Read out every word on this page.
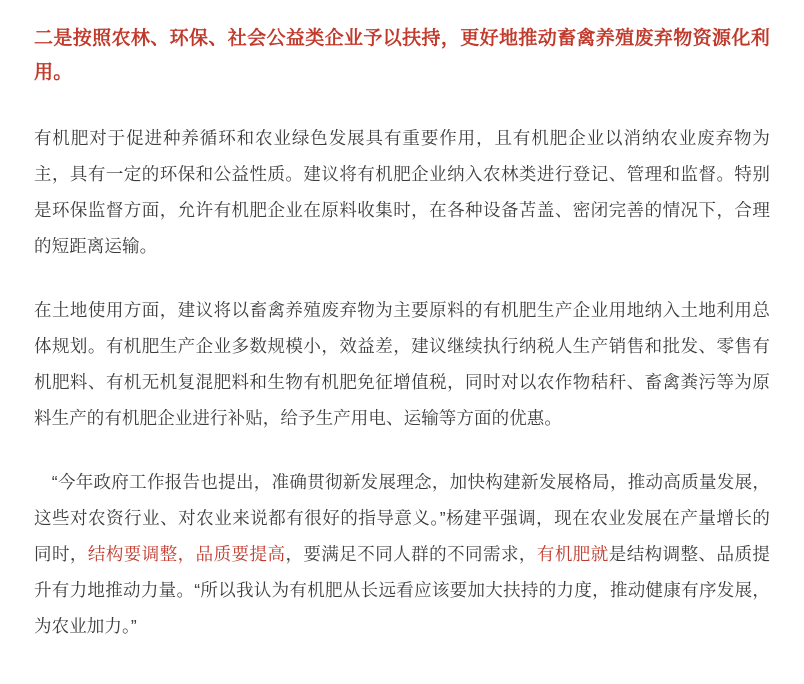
二是按照农林、环保、社会公益类企业予以扶持，更好地推动畜禽养殖废弃物资源化利用。

有机肥对于促进种养循环和农业绿色发展具有重要作用，且有机肥企业以消纳农业废弃物为主，具有一定的环保和公益性质。建议将有机肥企业纳入农林类进行登记、管理和监督。特别是环保监督方面，允许有机肥企业在原料收集时，在各种设备苫盖、密闭完善的情况下，合理的短距离运输。

在土地使用方面，建议将以畜禽养殖废弃物为主要原料的有机肥生产企业用地纳入土地利用总体规划。有机肥生产企业多数规模小，效益差，建议继续执行纳税人生产销售和批发、零售有机肥料、有机无机复混肥料和生物有机肥免征增值税，同时对以农作物秸秆、畜禽粪污等为原料生产的有机肥企业进行补贴，给予生产用电、运输等方面的优惠。

　“今年政府工作报告也提出，准确贯彻新发展理念，加快构建新发展格局，推动高质量发展，这些对农资行业、对农业来说都有很好的指导意义。”杨建平强调，现在农业发展在产量增长的同时，结构要调整，品质要提高，要满足不同人群的不同需求，有机肥就是结构调整、品质提升有力地推动力量。“所以我认为有机肥从长远看应该要加大扶持的力度，推动健康有序发展，为农业加力。”
